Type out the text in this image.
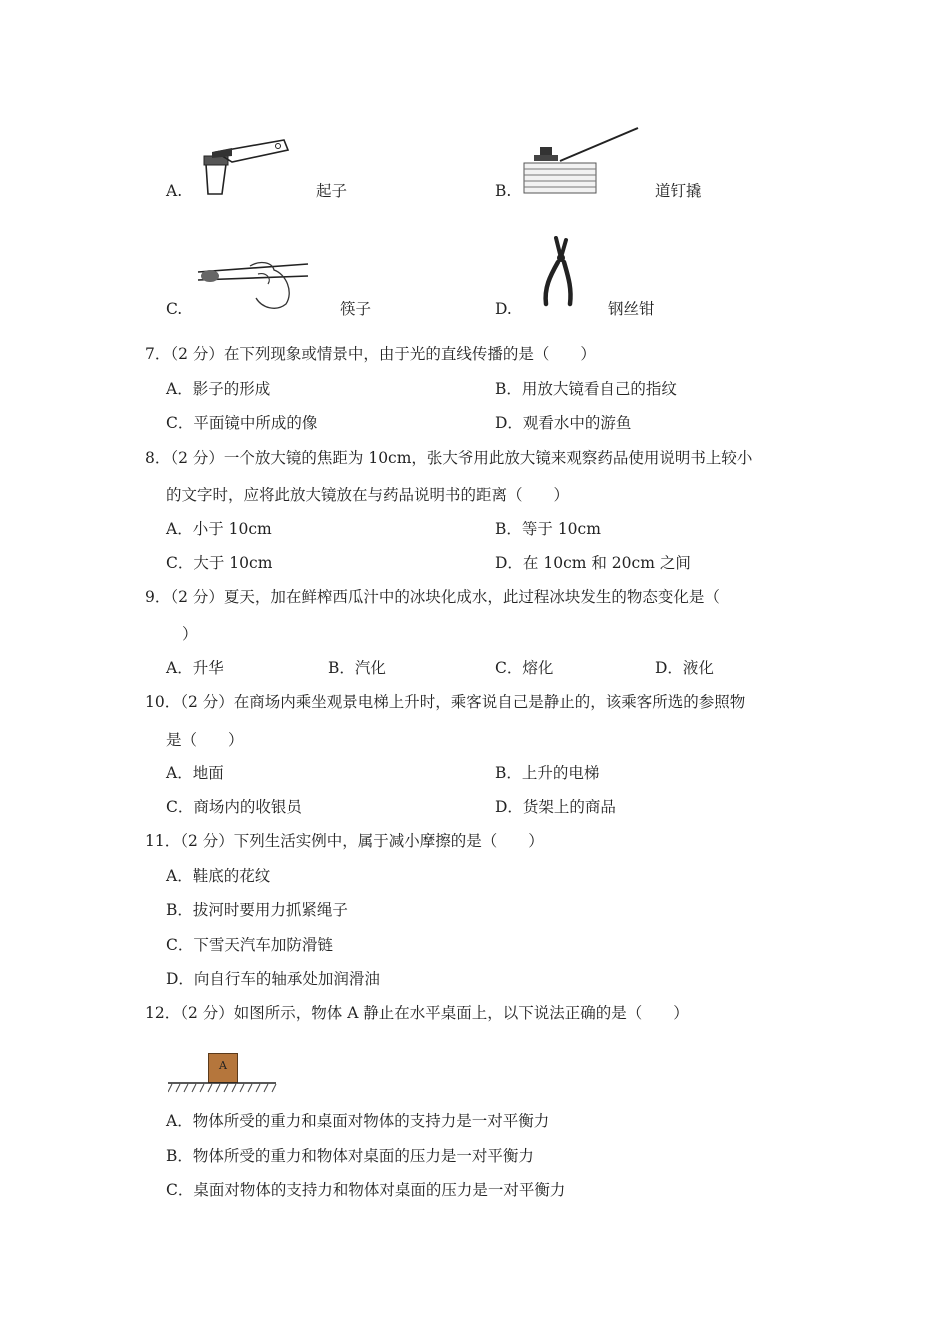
A.	起子	B.	道钉撬
C.	筷子	D.	钢丝钳
7．（2 分）在下列现象或情景中，由于光的直线传播的是（　　）
A．影子的形成	B．用放大镜看自己的指纹
C．平面镜中所成的像	D．观看水中的游鱼
8．（2 分）一个放大镜的焦距为 10cm，张大爷用此放大镜来观察药品使用说明书上较小
的文字时，应将此放大镜放在与药品说明书的距离（　　）
A．小于 10cm	B．等于 10cm
C．大于 10cm	D．在 10cm 和 20cm 之间
9．（2 分）夏天，加在鲜榨西瓜汁中的冰块化成水，此过程冰块发生的物态变化是（
）
A．升华	B．汽化	C．熔化	D．液化
10．（2 分）在商场内乘坐观景电梯上升时，乘客说自己是静止的，该乘客所选的参照物
是（　　）
A．地面	B．上升的电梯
C．商场内的收银员	D．货架上的商品
11．（2 分）下列生活实例中，属于减小摩擦的是（　　）
A．鞋底的花纹
B．拔河时要用力抓紧绳子
C．下雪天汽车加防滑链
D．向自行车的轴承处加润滑油
12．（2 分）如图所示，物体 A 静止在水平桌面上，以下说法正确的是（　　）
A
A．物体所受的重力和桌面对物体的支持力是一对平衡力
B．物体所受的重力和物体对桌面的压力是一对平衡力
C．桌面对物体的支持力和物体对桌面的压力是一对平衡力
